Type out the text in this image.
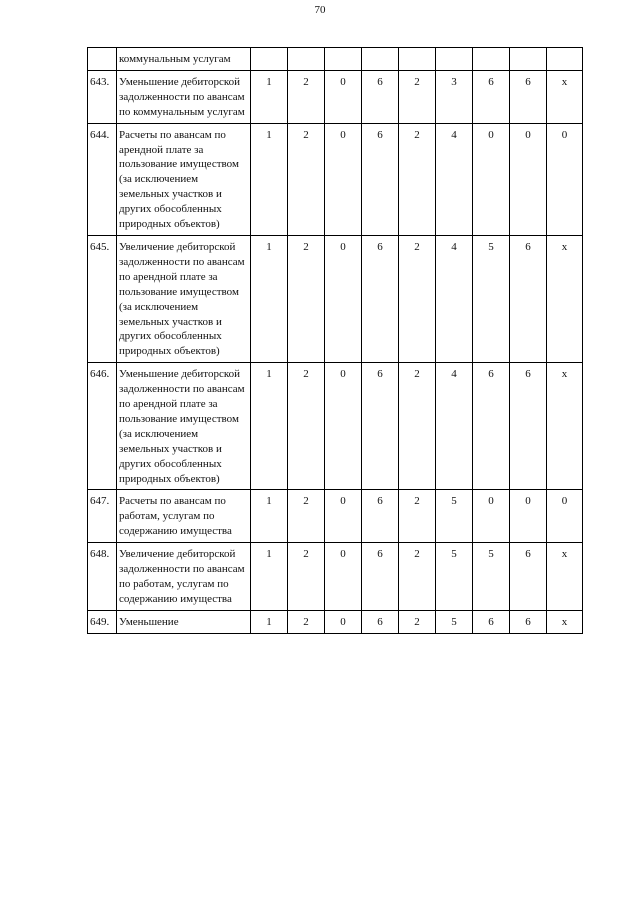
70
	коммунальным услугам									
643.	Уменьшение дебиторской задолженности по авансам по коммунальным услугам	1	2	0	6	2	3	6	6	x
644.	Расчеты по авансам по арендной плате за пользование имуществом (за исключением земельных участков и других обособленных природных объектов)	1	2	0	6	2	4	0	0	0
645.	Увеличение дебиторской задолженности по авансам по арендной плате за пользование имуществом (за исключением земельных участков и других обособленных природных объектов)	1	2	0	6	2	4	5	6	x
646.	Уменьшение дебиторской задолженности по авансам по арендной плате за пользование имуществом (за исключением земельных участков и других обособленных природных объектов)	1	2	0	6	2	4	6	6	x
647.	Расчеты по авансам по работам, услугам по содержанию имущества	1	2	0	6	2	5	0	0	0
648.	Увеличение дебиторской задолженности по авансам по работам, услугам по содержанию имущества	1	2	0	6	2	5	5	6	x
649.	Уменьшение	1	2	0	6	2	5	6	6	x
